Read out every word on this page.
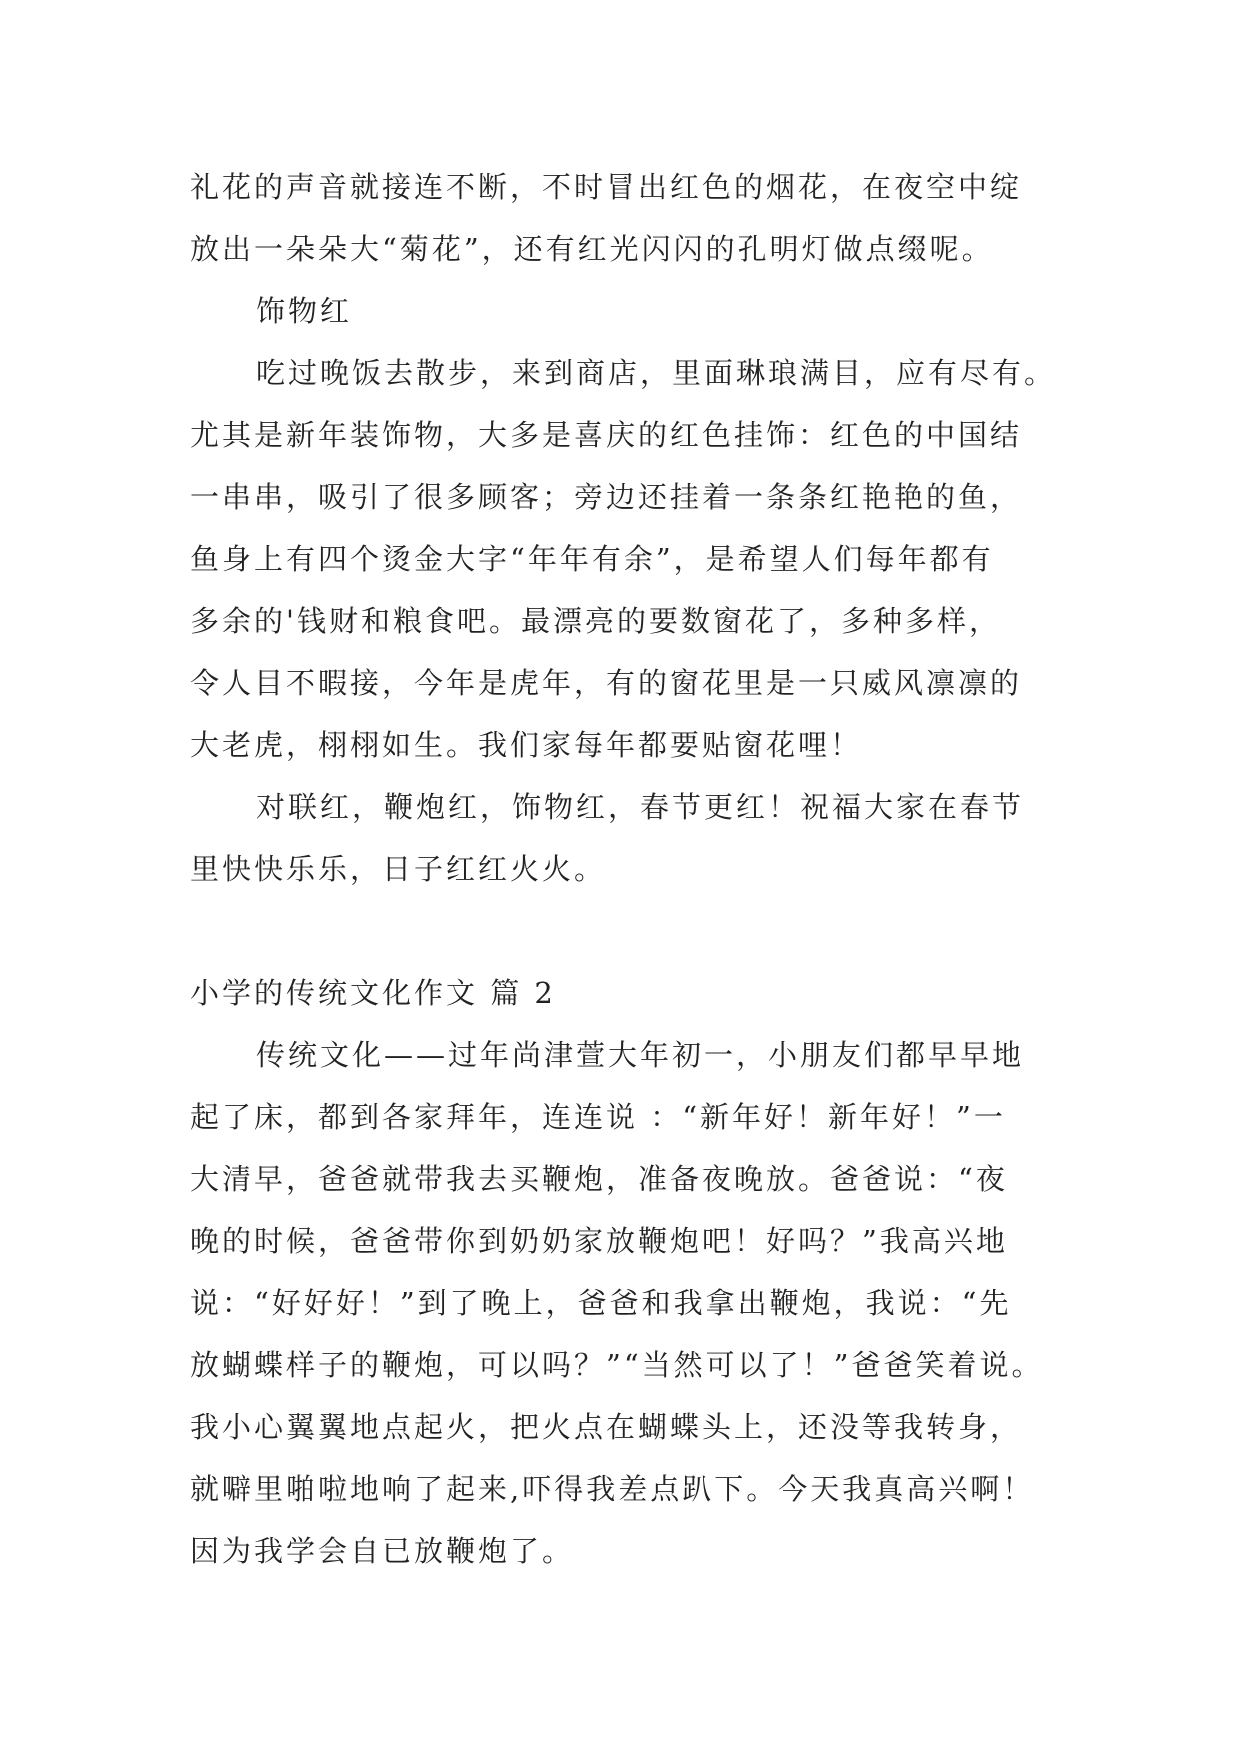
礼花的声音就接连不断，不时冒出红色的烟花，在夜空中绽
放出一朵朵大“菊花”，还有红光闪闪的孔明灯做点缀呢。
饰物红
吃过晚饭去散步，来到商店，里面琳琅满目，应有尽有。
尤其是新年装饰物，大多是喜庆的红色挂饰：红色的中国结
一串串，吸引了很多顾客；旁边还挂着一条条红艳艳的鱼，
鱼身上有四个烫金大字“年年有余”，是希望人们每年都有
多余的'钱财和粮食吧。最漂亮的要数窗花了，多种多样，
令人目不暇接，今年是虎年，有的窗花里是一只威风凛凛的
大老虎，栩栩如生。我们家每年都要贴窗花哩！
对联红，鞭炮红，饰物红，春节更红！祝福大家在春节
里快快乐乐，日子红红火火。
小学的传统文化作文 篇 2
传统文化——过年尚津萱大年初一，小朋友们都早早地
起了床，都到各家拜年，连连说 ：“新年好！新年好！”一
大清早，爸爸就带我去买鞭炮，准备夜晚放。爸爸说：“夜
晚的时候，爸爸带你到奶奶家放鞭炮吧！好吗？”我高兴地
说：“好好好！”到了晚上，爸爸和我拿出鞭炮，我说：“先
放蝴蝶样子的鞭炮，可以吗？”“当然可以了！”爸爸笑着说。
我小心翼翼地点起火，把火点在蝴蝶头上，还没等我转身，
就噼里啪啦地响了起来,吓得我差点趴下。今天我真高兴啊！
因为我学会自已放鞭炮了。
